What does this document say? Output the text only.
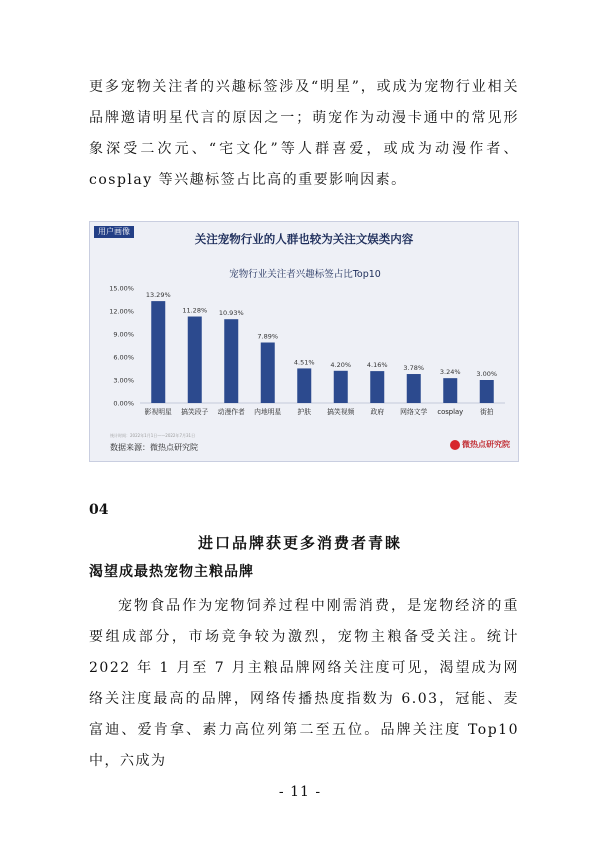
更多宠物关注者的兴趣标签涉及“明星”，或成为宠物行业相关品牌邀请明星代言的原因之一；萌宠作为动漫卡通中的常见形象深受二次元、“宅文化”等人群喜爱，或成为动漫作者、cosplay 等兴趣标签占比高的重要影响因素。

用户画像
关注宠物行业的人群也较为关注文娱类内容
宠物行业关注者兴趣标签占比Top10
0.00%
3.00%
6.00%
9.00%
12.00%
15.00%
13.29%
影视明星
11.28%
搞笑段子
10.93%
动漫作者
7.89%
内地明星
4.51%
护肤
4.20%
搞笑视频
4.16%
政府
3.78%
网络文学
3.24%
cosplay
3.00%
街拍
统计时间：2022年1月1日——2022年7月31日
数据来源：微热点研究院	微热点研究院
04
进口品牌获更多消费者青睐
渴望成最热宠物主粮品牌

宠物食品作为宠物饲养过程中刚需消费，是宠物经济的重要组成部分，市场竞争较为激烈，宠物主粮备受关注。统计 2022 年 1 月至 7 月主粮品牌网络关注度可见，渴望成为网络关注度最高的品牌，网络传播热度指数为 6.03，冠能、麦富迪、爱肯拿、素力高位列第二至五位。品牌关注度 Top10 中，六成为

- 11 -
